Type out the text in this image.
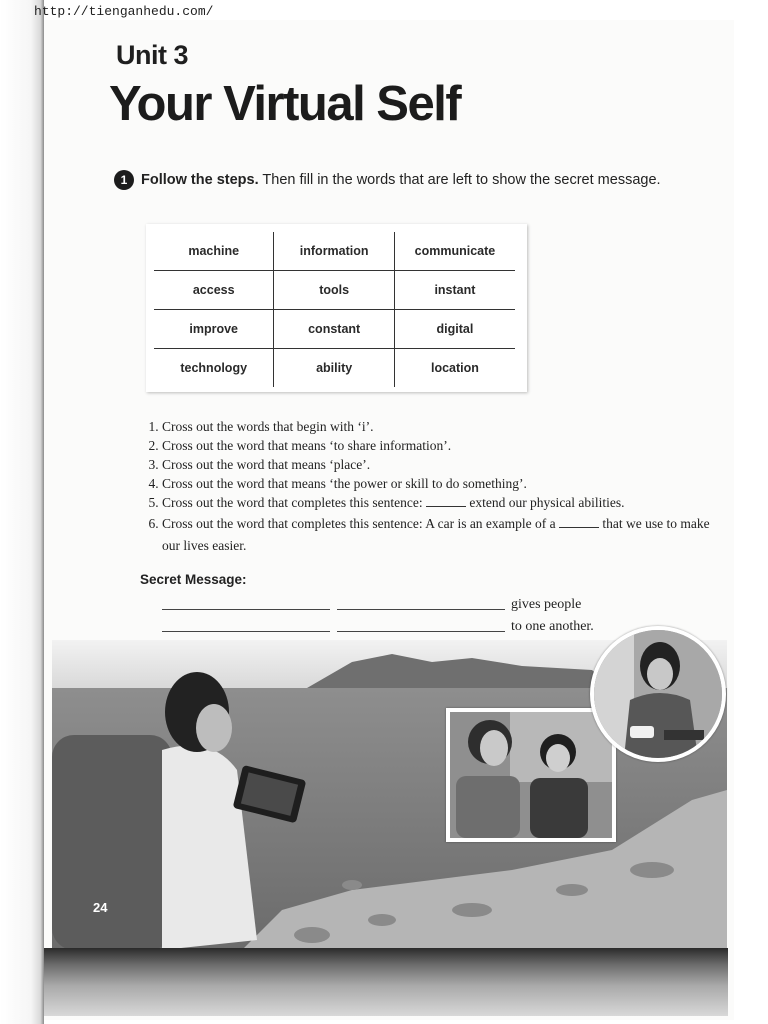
http://tienganhedu.com/
Unit 3
Your Virtual Self
1 Follow the steps. Then fill in the words that are left to show the secret message.
machine	information	communicate
access	tools	instant
improve	constant	digital
technology	ability	location
1. Cross out the words that begin with ‘i’.
2. Cross out the word that means ‘to share information’.
3. Cross out the word that means ‘place’.
4. Cross out the word that means ‘the power or skill to do something’.
5. Cross out the word that completes this sentence:	extend our physical abilities.
6. Cross out the word that completes this sentence: A car is an example of a	that we use to make our lives easier.
Secret Message:
gives people
to one another.
24
